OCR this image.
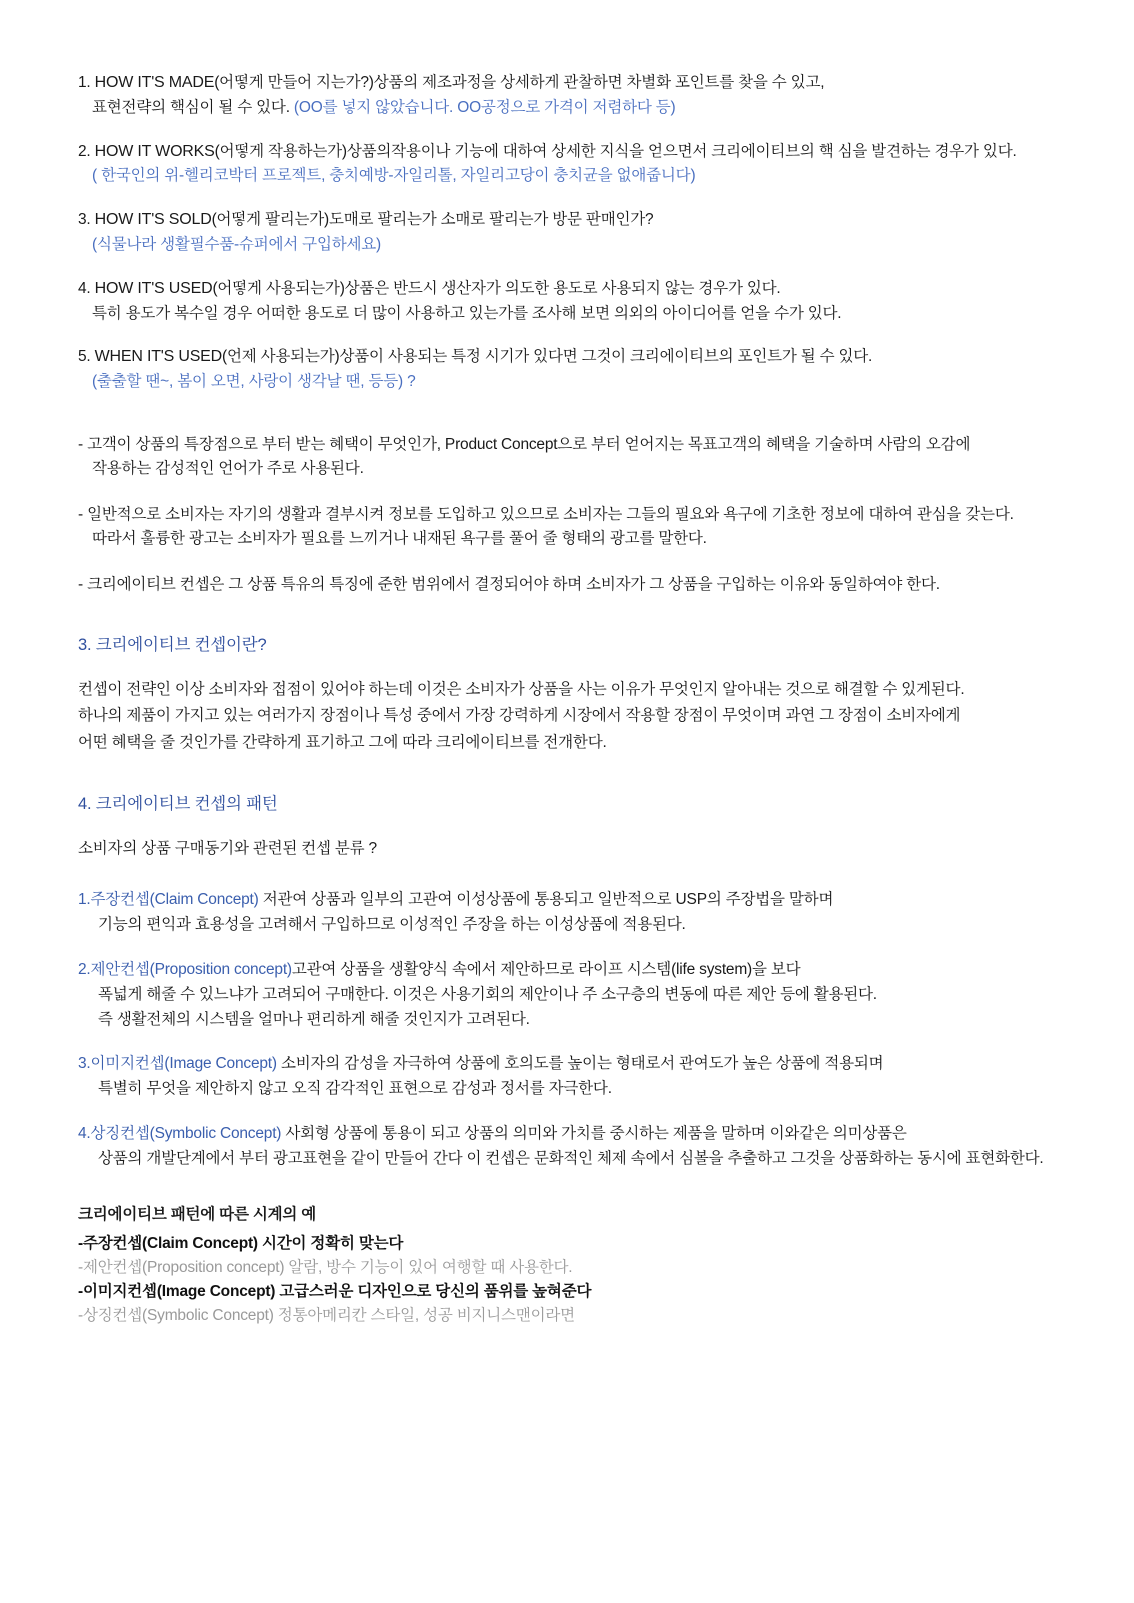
1. HOW IT'S MADE(어떻게 만들어 지는가?)상품의 제조과정을 상세하게 관찰하면 차별화 포인트를 찾을 수 있고,
표현전략의 핵심이 될 수 있다. (OO를 넣지 않았습니다. OO공정으로 가격이 저렴하다 등)
2. HOW IT WORKS(어떻게 작용하는가)상품의작용이나 기능에 대하여 상세한 지식을 얻으면서 크리에이티브의 핵 심을 발견하는 경우가 있다.
( 한국인의 위-헬리코박터 프로젝트, 충치예방-자일리톨, 자일리고당이 충치균을 없애줍니다)
3. HOW IT'S SOLD(어떻게 팔리는가)도매로 팔리는가 소매로 팔리는가 방문 판매인가?
(식물나라 생활필수품-슈퍼에서 구입하세요)
4. HOW IT'S USED(어떻게 사용되는가)상품은 반드시 생산자가 의도한 용도로 사용되지 않는 경우가 있다.
특히 용도가 복수일 경우 어떠한 용도로 더 많이 사용하고 있는가를 조사해 보면 의외의 아이디어를 얻을 수가 있다.
5. WHEN IT'S USED(언제 사용되는가)상품이 사용되는 특정 시기가 있다면 그것이 크리에이티브의 포인트가 될 수 있다.
(출출할 땐~, 봄이 오면, 사랑이 생각날 땐, 등등) ?
- 고객이 상품의 특장점으로 부터 받는 혜택이 무엇인가, Product Concept으로 부터 얻어지는 목표고객의 혜택을 기술하며 사람의 오감에
작용하는 감성적인 언어가 주로 사용된다.
- 일반적으로 소비자는 자기의 생활과 결부시켜 정보를 도입하고 있으므로 소비자는 그들의 필요와 욕구에 기초한 정보에 대하여 관심을 갖는다.
따라서 훌륭한 광고는 소비자가 필요를 느끼거나 내재된 욕구를 풀어 줄 형태의 광고를 말한다.
- 크리에이티브 컨셉은 그 상품 특유의 특징에 준한 범위에서 결정되어야 하며 소비자가 그 상품을 구입하는 이유와 동일하여야 한다.
3. 크리에이티브 컨셉이란?
컨셉이 전략인 이상 소비자와 접점이 있어야 하는데 이것은 소비자가 상품을 사는 이유가 무엇인지 알아내는 것으로 해결할 수 있게된다.
하나의 제품이 가지고 있는 여러가지 장점이나 특성 중에서 가장 강력하게 시장에서 작용할 장점이 무엇이며 과연 그 장점이 소비자에게
어떤 혜택을 줄 것인가를 간략하게 표기하고 그에 따라 크리에이티브를 전개한다.
4. 크리에이티브 컨셉의 패턴
소비자의 상품 구매동기와 관련된 컨셉 분류 ?
1.주장컨셉(Claim Concept) 저관여 상품과 일부의 고관여 이성상품에 통용되고 일반적으로 USP의 주장법을 말하며
기능의 편익과 효용성을 고려해서 구입하므로 이성적인 주장을 하는 이성상품에 적용된다.
2.제안컨셉(Proposition concept)고관여 상품을 생활양식 속에서 제안하므로 라이프 시스템(life system)을 보다
폭넓게 해줄 수 있느냐가 고려되어 구매한다. 이것은 사용기회의 제안이나 주 소구층의 변동에 따른 제안 등에 활용된다.
즉 생활전체의 시스템을 얼마나 편리하게 해줄 것인지가 고려된다.
3.이미지컨셉(Image Concept) 소비자의 감성을 자극하여 상품에 호의도를 높이는 형태로서 관여도가 높은 상품에 적용되며
특별히 무엇을 제안하지 않고 오직 감각적인 표현으로 감성과 정서를 자극한다.
4.상징컨셉(Symbolic Concept) 사회형 상품에 통용이 되고 상품의 의미와 가치를 중시하는 제품을 말하며 이와같은 의미상품은
상품의 개발단계에서 부터 광고표현을 같이 만들어 간다 이 컨셉은 문화적인 체제 속에서 심볼을 추출하고 그것을 상품화하는 동시에 표현화한다.
크리에이티브 패턴에 따른 시계의 예
-주장컨셉(Claim Concept) 시간이 정확히 맞는다
-제안컨셉(Proposition concept) 알람, 방수 기능이 있어 여행할 때 사용한다.
-이미지컨셉(Image Concept) 고급스러운 디자인으로 당신의 품위를 높혀준다
-상징컨셉(Symbolic Concept) 정통아메리칸 스타일, 성공 비지니스맨이라면
